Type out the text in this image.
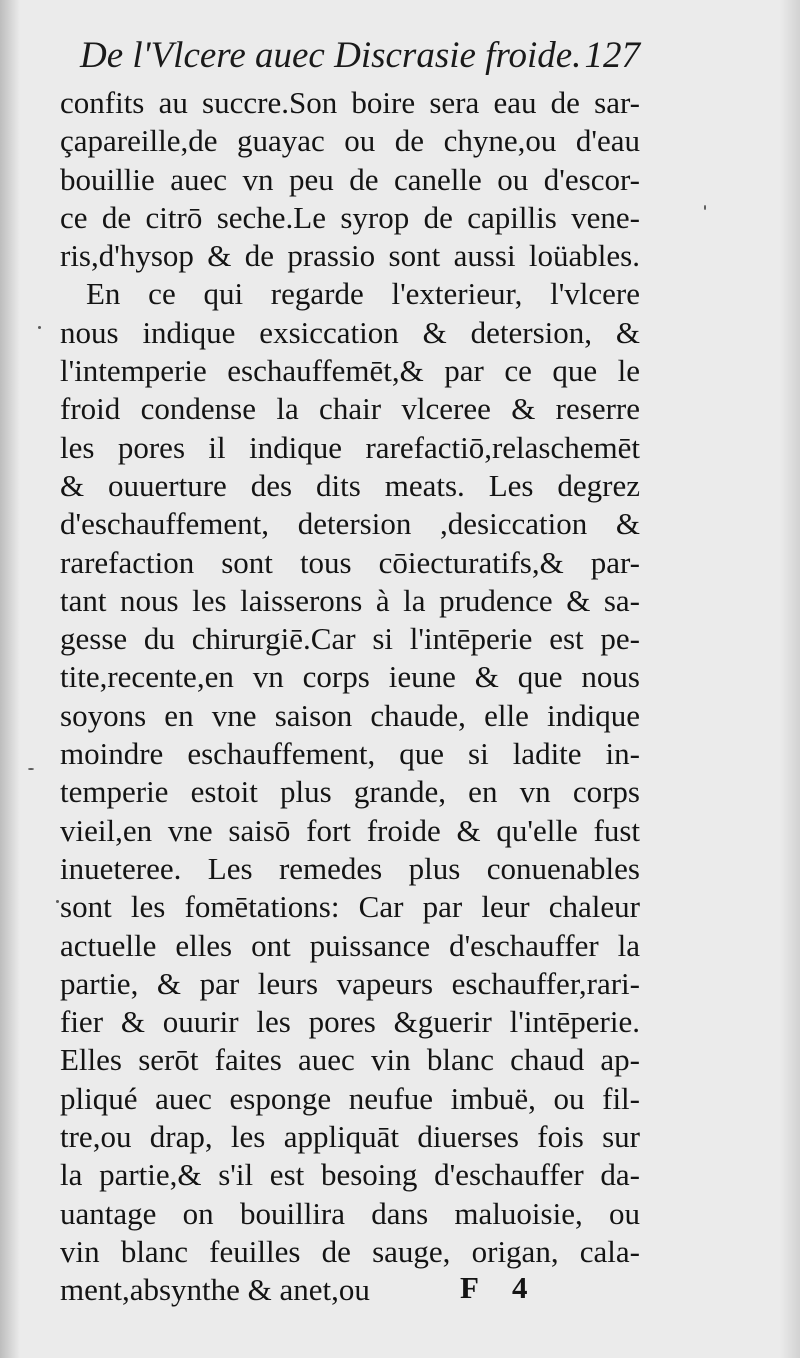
De l'Vlcere auec Discrasie froide. 127
confits au succre.Son boire sera eau de sar-
çapareille,de guayac ou de chyne,ou d'eau
bouillie auec vn peu de canelle ou d'escor-
ce de citrō seche.Le syrop de capillis vene-
ris,d'hysop & de prassio sont aussi loüables.
En ce qui regarde l'exterieur, l'vlcere
nous indique exsiccation & detersion, &
l'intemperie eschauffemēt,& par ce que le
froid condense la chair vlceree & reserre
les pores il indique rarefactiō,relaschemēt
& ouuerture des dits meats. Les degrez
d'eschauffement, detersion ,desiccation &
rarefaction sont tous cōiecturatifs,& par-
tant nous les laisserons à la prudence & sa-
gesse du chirurgiē.Car si l'intēperie est pe-
tite,recente,en vn corps ieune & que nous
soyons en vne saison chaude, elle indique
moindre eschauffement, que si ladite in-
temperie estoit plus grande, en vn corps
vieil,en vne saisō fort froide & qu'elle fust
inueteree. Les remedes plus conuenables
sont les fomētations: Car par leur chaleur
actuelle elles ont puissance d'eschauffer la
partie, & par leurs vapeurs eschauffer,rari-
fier & ouurir les pores &guerir l'intēperie.
Elles serōt faites auec vin blanc chaud ap-
pliqué auec esponge neufue imbuë, ou fil-
tre,ou drap, les appliquāt diuerses fois sur
la partie,& s'il est besoing d'eschauffer da-
uantage on bouillira dans maluoisie, ou
vin blanc feuilles de sauge, origan, cala-
ment,absynthe & anet,ou	F 4
